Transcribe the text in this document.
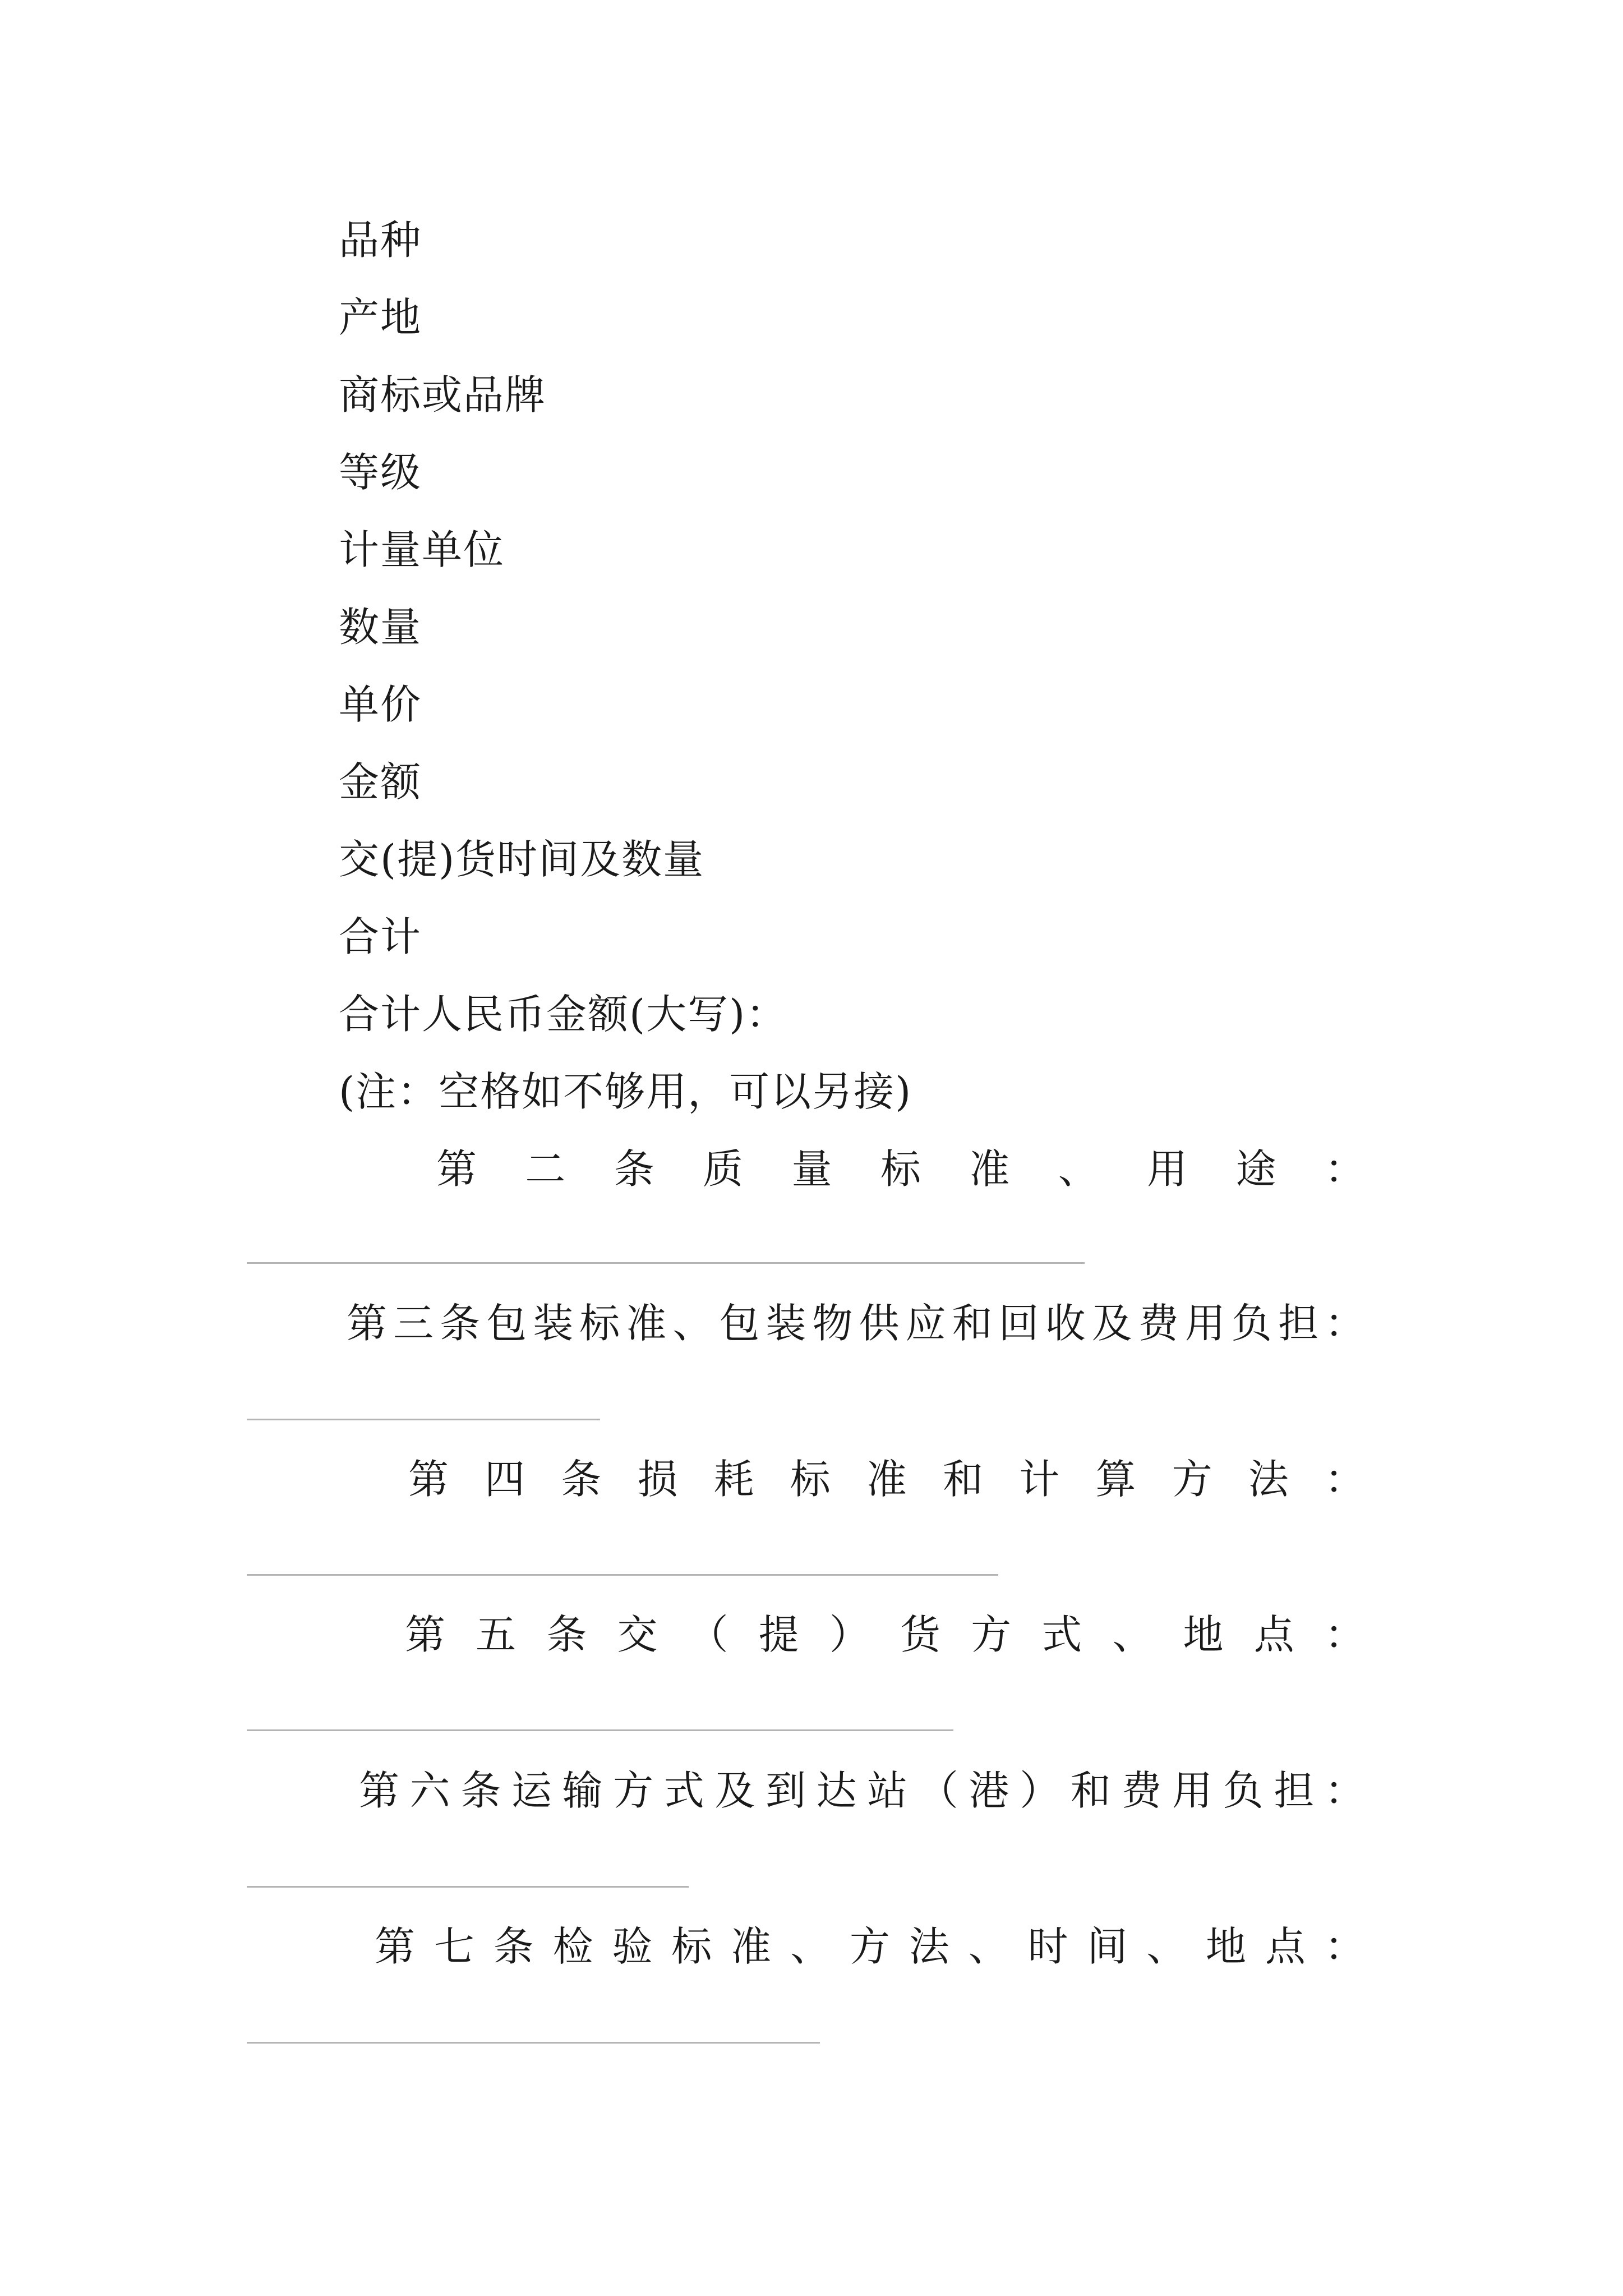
品种
产地
商标或品牌
等级
计量单位
数量
单价
金额
交(提)货时间及数量
合计
合计人民币金额(大写)：
(注：空格如不够用，可以另接)
第 二 条 质 量 标 准 、 用 途 ：
第 三 条 包 装 标 准 、 包 装 物 供 应 和 回 收 及 费 用 负 担 ：
第 四 条 损 耗 标 准 和 计 算 方 法 ：
第 五 条 交 （ 提 ） 货 方 式 、 地 点 ：
第 六 条 运 输 方 式 及 到 达 站 （ 港 ） 和 费 用 负 担 ：
第 七 条 检 验 标 准 、 方 法 、 时 间 、 地 点 ：
